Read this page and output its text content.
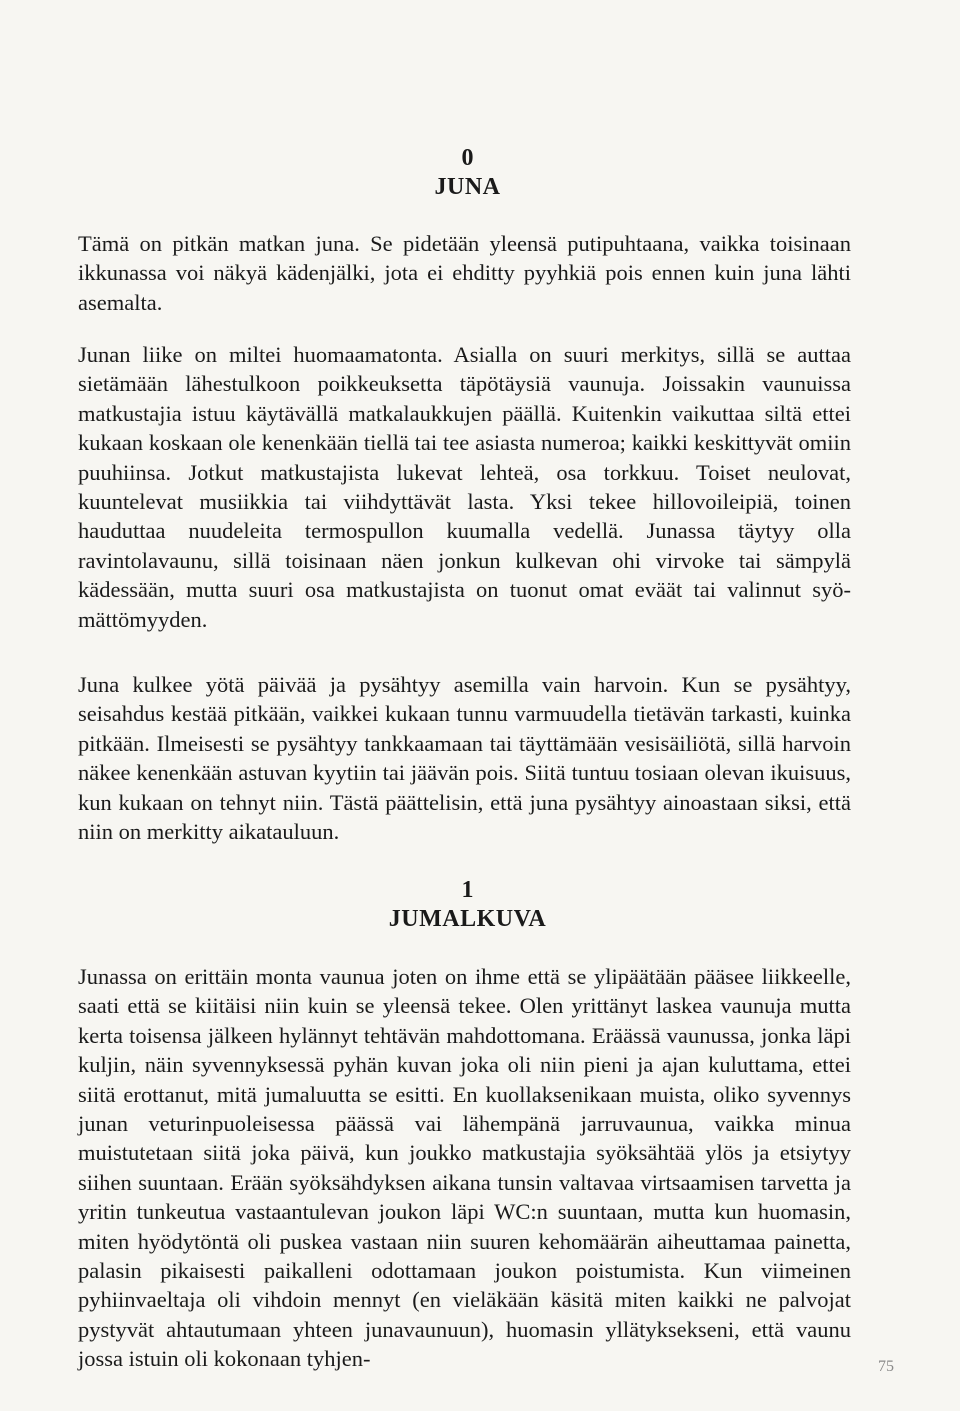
0
JUNA

Tämä on pitkän matkan juna. Se pidetään yleensä putipuhtaana, vaikka toisinaan ikkunassa voi näkyä kädenjälki, jota ei ehditty pyyhkiä pois ennen kuin juna lähti asemalta.

Junan liike on miltei huomaamatonta. Asialla on suuri merkitys, sillä se auttaa sietämään lähestulkoon poikkeuksetta täpötäysiä vaunuja. Joissakin vaunuissa matkustajia istuu käytävällä matkalaukkujen päällä. Kuitenkin vaikuttaa siltä ettei kukaan koskaan ole kenenkään tiellä tai tee asiasta numeroa; kaikki keskittyvät omiin puuhiinsa. Jotkut matkustajista lukevat lehteä, osa torkkuu. Toiset neulovat, kuuntelevat musiikkia tai viihdyttävät lasta. Yksi tekee hillovoileipiä, toinen hauduttaa nuudeleita termospullon kuumalla vedellä. Junassa täytyy olla ravintolavaunu, sillä toisinaan näen jonkun kulkevan ohi virvoke tai sämpylä kädessään, mutta suuri osa matkustajista on tuonut omat eväät tai valinnut syömättömyyden.

Juna kulkee yötä päivää ja pysähtyy asemilla vain harvoin. Kun se pysähtyy, seisahdus kestää pitkään, vaikkei kukaan tunnu varmuudella tietävän tarkasti, kuinka pitkään. Ilmeisesti se pysähtyy tankkaamaan tai täyttämään vesisäiliötä, sillä harvoin näkee kenenkään astuvan kyytiin tai jäävän pois. Siitä tuntuu tosiaan olevan ikuisuus, kun kukaan on tehnyt niin. Tästä päättelisin, että juna pysähtyy ainoastaan siksi, että niin on merkitty aikatauluun.

1
JUMALKUVA

Junassa on erittäin monta vaunua joten on ihme että se ylipäätään pääsee liikkeelle, saati että se kiitäisi niin kuin se yleensä tekee. Olen yrittänyt laskea vaunuja mutta kerta toisensa jälkeen hylännyt tehtävän mahdottomana. Eräässä vaunussa, jonka läpi kuljin, näin syvennyksessä pyhän kuvan joka oli niin pieni ja ajan kuluttama, ettei siitä erottanut, mitä jumaluutta se esitti. En kuollaksenikaan muista, oliko syvennys junan veturinpuoleisessa päässä vai lähempänä jarruvaunua, vaikka minua muistutetaan siitä joka päivä, kun joukko matkustajia syöksähtää ylös ja etsiytyy siihen suuntaan. Erään syöksähdyksen aikana tunsin valtavaa virtsaamisen tarvetta ja yritin tunkeutua vastaantulevan joukon läpi WC:n suuntaan, mutta kun huomasin, miten hyödytöntä oli puskea vastaan niin suuren kehomäärän aiheuttamaa painetta, palasin pikaisesti paikalleni odottamaan joukon poistumista. Kun viimeinen pyhiinvaeltaja oli vihdoin mennyt (en vieläkään käsitä miten kaikki ne palvojat pystyvät ahtautumaan yhteen junavaunuun), huomasin yllätyksekseni, että vaunu jossa istuin oli kokonaan tyhjen-	75
